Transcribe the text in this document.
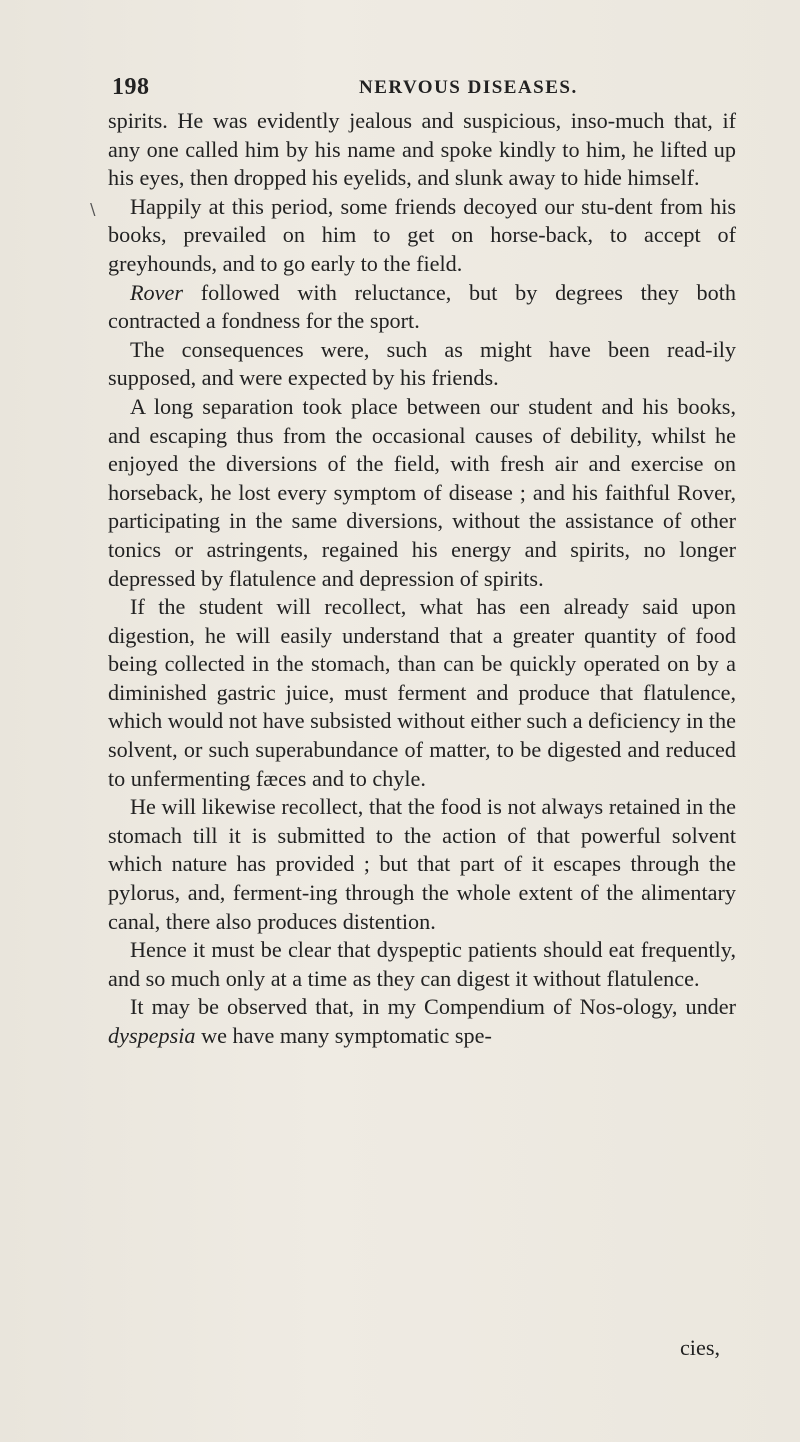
198	NERVOUS DISEASES.
∖

spirits. He was evidently jealous and suspicious, inso-much that, if any one called him by his name and spoke kindly to him, he lifted up his eyes, then dropped his eyelids, and slunk away to hide himself.

Happily at this period, some friends decoyed our stu-dent from his books, prevailed on him to get on horse-back, to accept of greyhounds, and to go early to the field.

Rover followed with reluctance, but by degrees they both contracted a fondness for the sport.

The consequences were, such as might have been read-ily supposed, and were expected by his friends.

A long separation took place between our student and his books, and escaping thus from the occasional causes of debility, whilst he enjoyed the diversions of the field, with fresh air and exercise on horseback, he lost every symptom of disease ; and his faithful Rover, participating in the same diversions, without the assistance of other tonics or astringents, regained his energy and spirits, no longer depressed by flatulence and depression of spirits.

If the student will recollect, what has een already said upon digestion, he will easily understand that a greater quantity of food being collected in the stomach, than can be quickly operated on by a diminished gastric juice, must ferment and produce that flatulence, which would not have subsisted without either such a deficiency in the solvent, or such superabundance of matter, to be digested and reduced to unfermenting fæces and to chyle.

He will likewise recollect, that the food is not always retained in the stomach till it is submitted to the action of that powerful solvent which nature has provided ; but that part of it escapes through the pylorus, and, ferment-ing through the whole extent of the alimentary canal, there also produces distention.

Hence it must be clear that dyspeptic patients should eat frequently, and so much only at a time as they can digest it without flatulence.

It may be observed that, in my Compendium of Nos-ology, under dyspepsia we have many symptomatic spe-

cies,
